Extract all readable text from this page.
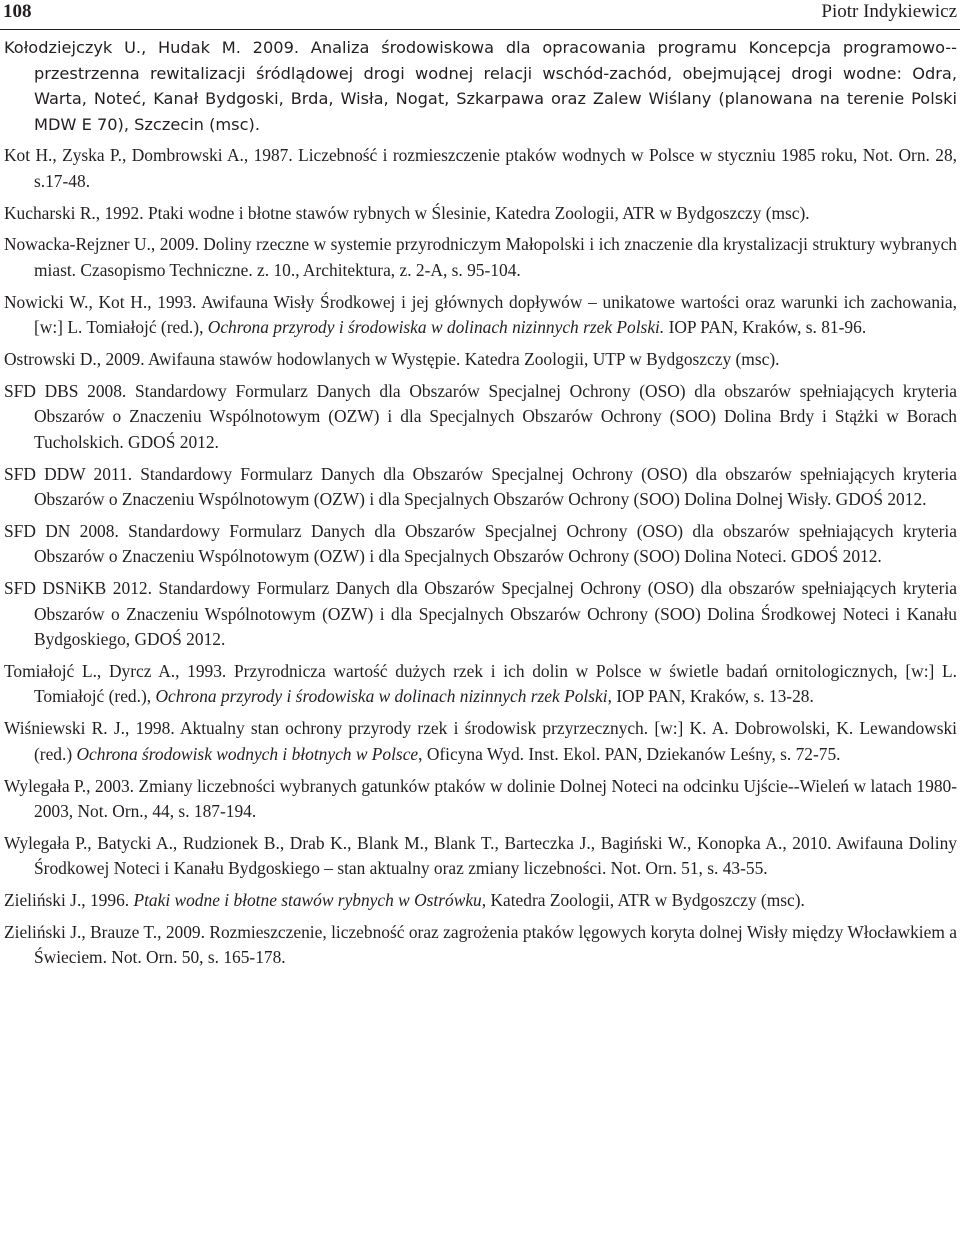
108	Piotr Indykiewicz

Kołodziejczyk U., Hudak M. 2009. Analiza środowiskowa dla opracowania programu Koncepcja programowo--przestrzenna rewitalizacji śródlądowej drogi wodnej relacji wschód-zachód, obejmującej drogi wodne: Odra, Warta, Noteć, Kanał Bydgoski, Brda, Wisła, Nogat, Szkarpawa oraz Zalew Wiślany (planowana na terenie Polski MDW E 70), Szczecin (msc).

Kot H., Zyska P., Dombrowski A., 1987. Liczebność i rozmieszczenie ptaków wodnych w Polsce w styczniu 1985 roku, Not. Orn. 28, s.17-48.

Kucharski R., 1992. Ptaki wodne i błotne stawów rybnych w Ślesinie, Katedra Zoologii, ATR w Bydgoszczy (msc).

Nowacka-Rejzner U., 2009. Doliny rzeczne w systemie przyrodniczym Małopolski i ich znaczenie dla krystalizacji struktury wybranych miast. Czasopismo Techniczne. z. 10., Architektura, z. 2-A, s. 95-104.

Nowicki W., Kot H., 1993. Awifauna Wisły Środkowej i jej głównych dopływów – unikatowe wartości oraz warunki ich zachowania, [w:] L. Tomiałojć (red.), Ochrona przyrody i środowiska w dolinach nizinnych rzek Polski. IOP PAN, Kraków, s. 81-96.

Ostrowski D., 2009. Awifauna stawów hodowlanych w Występie. Katedra Zoologii, UTP w Bydgoszczy (msc).

SFD DBS 2008. Standardowy Formularz Danych dla Obszarów Specjalnej Ochrony (OSO) dla obszarów spełniających kryteria Obszarów o Znaczeniu Wspólnotowym (OZW) i dla Specjalnych Obszarów Ochrony (SOO) Dolina Brdy i Stążki w Borach Tucholskich. GDOŚ 2012.

SFD DDW 2011. Standardowy Formularz Danych dla Obszarów Specjalnej Ochrony (OSO) dla obszarów spełniających kryteria Obszarów o Znaczeniu Wspólnotowym (OZW) i dla Specjalnych Obszarów Ochrony (SOO) Dolina Dolnej Wisły. GDOŚ 2012.

SFD DN 2008. Standardowy Formularz Danych dla Obszarów Specjalnej Ochrony (OSO) dla obszarów spełniających kryteria Obszarów o Znaczeniu Wspólnotowym (OZW) i dla Specjalnych Obszarów Ochrony (SOO) Dolina Noteci. GDOŚ 2012.

SFD DSNiKB 2012. Standardowy Formularz Danych dla Obszarów Specjalnej Ochrony (OSO) dla obszarów spełniających kryteria Obszarów o Znaczeniu Wspólnotowym (OZW) i dla Specjalnych Obszarów Ochrony (SOO) Dolina Środkowej Noteci i Kanału Bydgoskiego, GDOŚ 2012.

Tomiałojć L., Dyrcz A., 1993. Przyrodnicza wartość dużych rzek i ich dolin w Polsce w świetle badań ornitologicznych, [w:] L. Tomiałojć (red.), Ochrona przyrody i środowiska w dolinach nizinnych rzek Polski, IOP PAN, Kraków, s. 13-28.

Wiśniewski R. J., 1998. Aktualny stan ochrony przyrody rzek i środowisk przyrzecznych. [w:] K. A. Dobrowolski, K. Lewandowski (red.) Ochrona środowisk wodnych i błotnych w Polsce, Oficyna Wyd. Inst. Ekol. PAN, Dziekanów Leśny, s. 72-75.

Wylegała P., 2003. Zmiany liczebności wybranych gatunków ptaków w dolinie Dolnej Noteci na odcinku Ujście--Wieleń w latach 1980-2003, Not. Orn., 44, s. 187-194.

Wylegała P., Batycki A., Rudzionek B., Drab K., Blank M., Blank T., Barteczka J., Bagiński W., Konopka A., 2010. Awifauna Doliny Środkowej Noteci i Kanału Bydgoskiego – stan aktualny oraz zmiany liczebności. Not. Orn. 51, s. 43-55.

Zieliński J., 1996. Ptaki wodne i błotne stawów rybnych w Ostrówku, Katedra Zoologii, ATR w Bydgoszczy (msc).

Zieliński J., Brauze T., 2009. Rozmieszczenie, liczebność oraz zagrożenia ptaków lęgowych koryta dolnej Wisły między Włocławkiem a Świeciem. Not. Orn. 50, s. 165-178.
